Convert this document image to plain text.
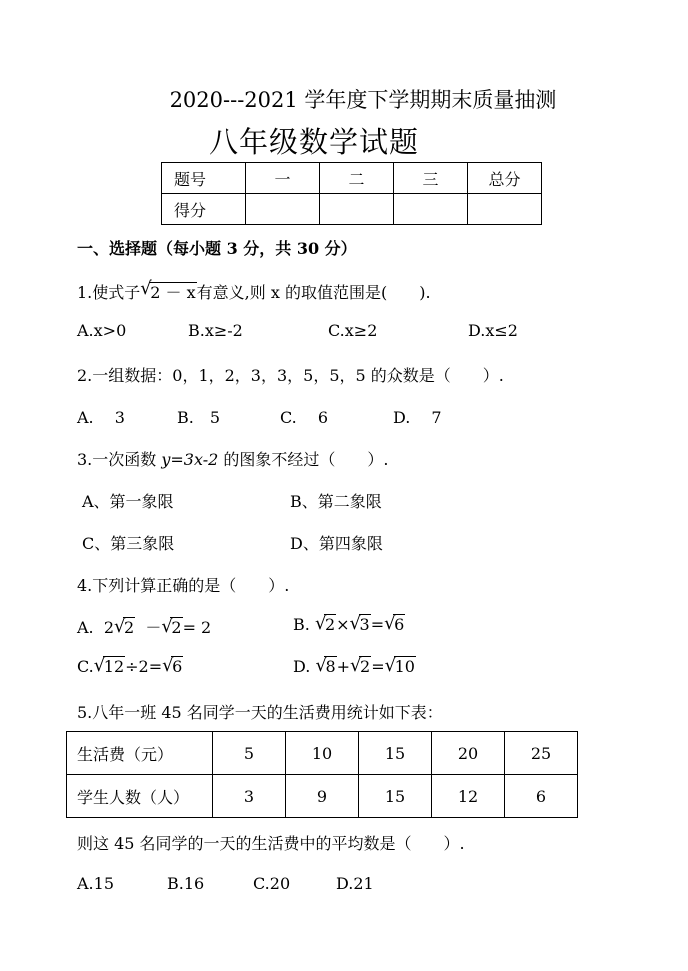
2020---2021 学年度下学期期末质量抽测
八年级数学试题
题号	一	二	三	总分
得分				
一、选择题（每小题 3 分，共 30 分）
1.使式子 √
2 － x有意义,则 x 的取值范围是(　　).
A.x>0	B.x≥-2	C.x≥2	D.x≤2
2.一组数据：0，1，2，3，3，5，5，5 的众数是（　　）.
A.　 3	B.　5	C.　 6	D.　 7
3.一次函数 y=3x-2 的图象不经过（　　）.
A、第一象限	B、第二象限
C、第三象限	D、第四象限
4.下列计算正确的是（　　）.
A. 2 √
2 － √
2= 2	B. √
2× √
3= √
6
C. √
12÷2= √
6	D. √
8+ √
2= √
10
5.八年一班 45 名同学一天的生活费用统计如下表：
生活费（元）	5	10	15	20	25
学生人数（人）	3	9	15	12	6
则这 45 名同学的一天的生活费中的平均数是（　　）.
A.15	B.16	C.20	D.21
